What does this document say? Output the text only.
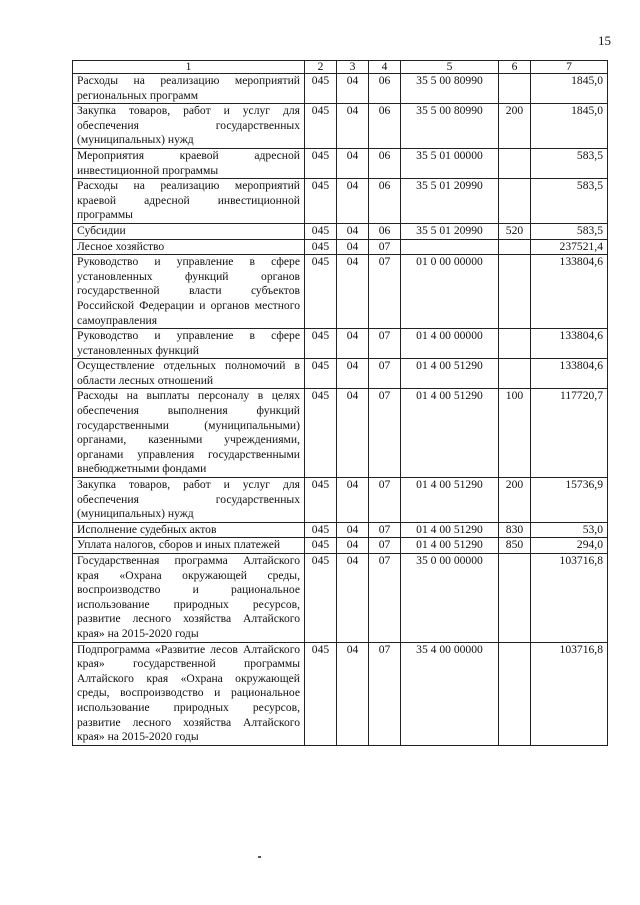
15
1	2	3	4	5	6	7
Расходы на реализацию мероприятий региональных программ	045	04	06	35 5 00 80990		1845,0
Закупка товаров, работ и услуг для обеспечения государственных (муниципальных) нужд	045	04	06	35 5 00 80990	200	1845,0
Мероприятия краевой адресной инвестиционной программы	045	04	06	35 5 01 00000		583,5
Расходы на реализацию мероприятий краевой адресной инвестиционной программы	045	04	06	35 5 01 20990		583,5
Субсидии	045	04	06	35 5 01 20990	520	583,5
Лесное хозяйство	045	04	07			237521,4
Руководство и управление в сфере установленных функций органов государственной власти субъектов Российской Федерации и органов местного самоуправления	045	04	07	01 0 00 00000		133804,6
Руководство и управление в сфере установленных функций	045	04	07	01 4 00 00000		133804,6
Осуществление отдельных полномочий в области лесных отношений	045	04	07	01 4 00 51290		133804,6
Расходы на выплаты персоналу в целях обеспечения выполнения функций государственными (муниципальными) органами, казенными учреждениями, органами управления государственными внебюджетными фондами	045	04	07	01 4 00 51290	100	117720,7
Закупка товаров, работ и услуг для обеспечения государственных (муниципальных) нужд	045	04	07	01 4 00 51290	200	15736,9
Исполнение судебных актов	045	04	07	01 4 00 51290	830	53,0
Уплата налогов, сборов и иных платежей	045	04	07	01 4 00 51290	850	294,0
Государственная программа Алтайского края «Охрана окружающей среды, воспроизводство и рациональное использование природных ресурсов, развитие лесного хозяйства Алтайского края» на 2015-2020 годы	045	04	07	35 0 00 00000		103716,8
Подпрограмма «Развитие лесов Алтайского края» государственной программы Алтайского края «Охрана окружающей среды, воспроизводство и рациональное использование природных ресурсов, развитие лесного хозяйства Алтайского края» на 2015-2020 годы	045	04	07	35 4 00 00000		103716,8
